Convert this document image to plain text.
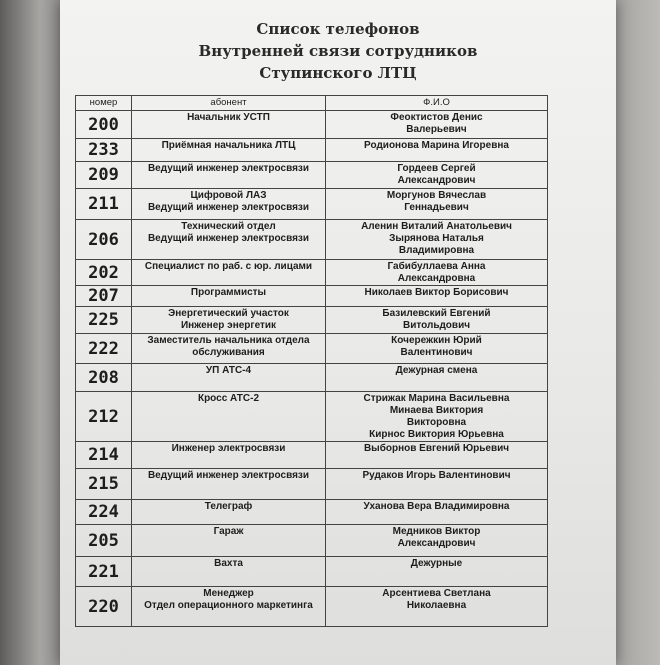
Список телефонов
Внутренней связи сотрудников
Ступинского ЛТЦ
номер	абонент	Ф.И.О
200	Начальник УСТП	Феоктистов Денис
Валерьевич
233	Приёмная начальника ЛТЦ	Родионова Марина Игоревна
209	Ведущий инженер электросвязи	Гордеев Сергей
Александрович
211	Цифровой ЛАЗ
Ведущий инженер электросвязи	Моргунов Вячеслав
Геннадьевич
206	Технический отдел
Ведущий инженер электросвязи	Аленин Виталий Анатольевич
Зырянова Наталья
Владимировна
202	Специалист по раб. с юр. лицами	Габибуллаева Анна
Александровна
207	Программисты	Николаев Виктор Борисович
225	Энергетический участок
Инженер энергетик	Базилевский Евгений
Витольдович
222	Заместитель начальника отдела
обслуживания	Кочережкин Юрий
Валентинович
208	УП АТС-4	Дежурная смена
212	Кросс АТС-2	Стрижак Марина Васильевна
Минаева Виктория
Викторовна
Кирнос Виктория Юрьевна
214	Инженер электросвязи	Выборнов Евгений Юрьевич
215	Ведущий инженер электросвязи	Рудаков Игорь Валентинович
224	Телеграф	Уханова Вера Владимировна
205	Гараж	Медников Виктор
Александрович
221	Вахта	Дежурные
220	Менеджер
Отдел операционного маркетинга	Арсентиева Светлана
Николаевна
